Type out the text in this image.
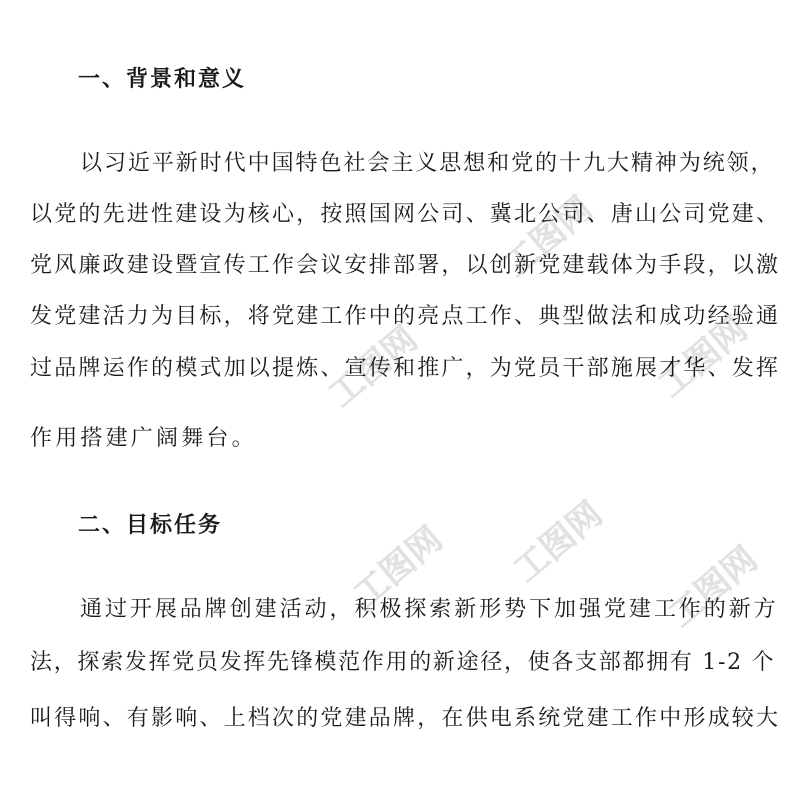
工图网
工图网	工图网
工图网
工图网	工图网
一、背景和意义

以习近平新时代中国特色社会主义思想和党的十九大精神为统领，

以党的先进性建设为核心，按照国网公司、冀北公司、唐山公司党建、

党风廉政建设暨宣传工作会议安排部署，以创新党建载体为手段，以激

发党建活力为目标，将党建工作中的亮点工作、典型做法和成功经验通

过品牌运作的模式加以提炼、宣传和推广，为党员干部施展才华、发挥

作用搭建广阔舞台。

二、目标任务

通过开展品牌创建活动，积极探索新形势下加强党建工作的新方

法，探索发挥党员发挥先锋模范作用的新途径，使各支部都拥有 1-2 个

叫得响、有影响、上档次的党建品牌，在供电系统党建工作中形成较大
